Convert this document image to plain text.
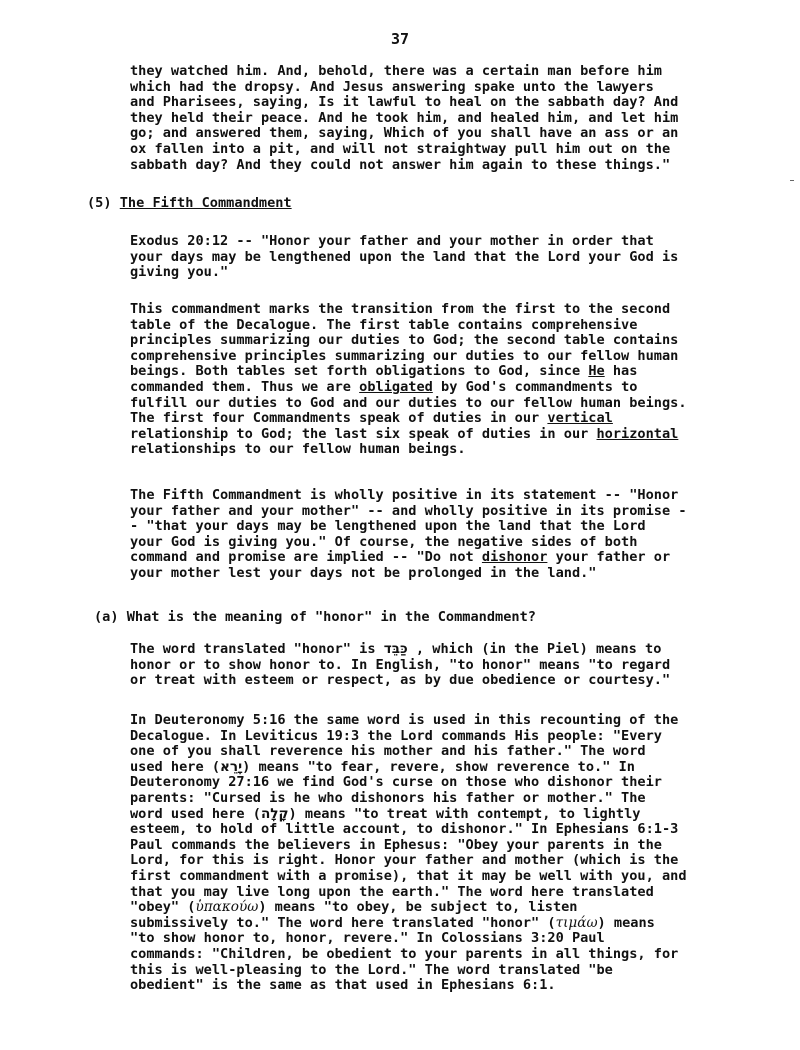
37
they watched him. And, behold, there was a certain man before him
which had the dropsy. And Jesus answering spake unto the lawyers
and Pharisees, saying, Is it lawful to heal on the sabbath day? And
they held their peace. And he took him, and healed him, and let him
go; and answered them, saying, Which of you shall have an ass or an
ox fallen into a pit, and will not straightway pull him out on the
sabbath day? And they could not answer him again to these things."
(5) The Fifth Commandment
Exodus 20:12 -- "Honor your father and your mother in order that
your days may be lengthened upon the land that the Lord your God is
giving you."
This commandment marks the transition from the first to the second
table of the Decalogue. The first table contains comprehensive
principles summarizing our duties to God; the second table contains
comprehensive principles summarizing our duties to our fellow human
beings. Both tables set forth obligations to God, since He has
commanded them. Thus we are obligated by God's commandments to
fulfill our duties to God and our duties to our fellow human beings.
The first four Commandments speak of duties in our vertical
relationship to God; the last six speak of duties in our horizontal
relationships to our fellow human beings.
The Fifth Commandment is wholly positive in its statement -- "Honor
your father and your mother" -- and wholly positive in its promise -
- "that your days may be lengthened upon the land that the Lord
your God is giving you." Of course, the negative sides of both
command and promise are implied -- "Do not dishonor your father or
your mother lest your days not be prolonged in the land."
(a) What is the meaning of "honor" in the Commandment?
The word translated "honor" is כַּבֵּד , which (in the Piel) means to
honor or to show honor to. In English, "to honor" means "to regard
or treat with esteem or respect, as by due obedience or courtesy."
In Deuteronomy 5:16 the same word is used in this recounting of the
Decalogue. In Leviticus 19:3 the Lord commands His people: "Every
one of you shall reverence his mother and his father." The word
used here (יָרֵא) means "to fear, revere, show reverence to." In
Deuteronomy 27:16 we find God's curse on those who dishonor their
parents: "Cursed is he who dishonors his father or mother." The
word used here (קָלָה) means "to treat with contempt, to lightly
esteem, to hold of little account, to dishonor." In Ephesians 6:1-3
Paul commands the believers in Ephesus: "Obey your parents in the
Lord, for this is right. Honor your father and mother (which is the
first commandment with a promise), that it may be well with you, and
that you may live long upon the earth." The word here translated
"obey" (ὑπακούω) means "to obey, be subject to, listen
submissively to." The word here translated "honor" (τιμάω) means
"to show honor to, honor, revere." In Colossians 3:20 Paul
commands: "Children, be obedient to your parents in all things, for
this is well-pleasing to the Lord." The word translated "be
obedient" is the same as that used in Ephesians 6:1.
